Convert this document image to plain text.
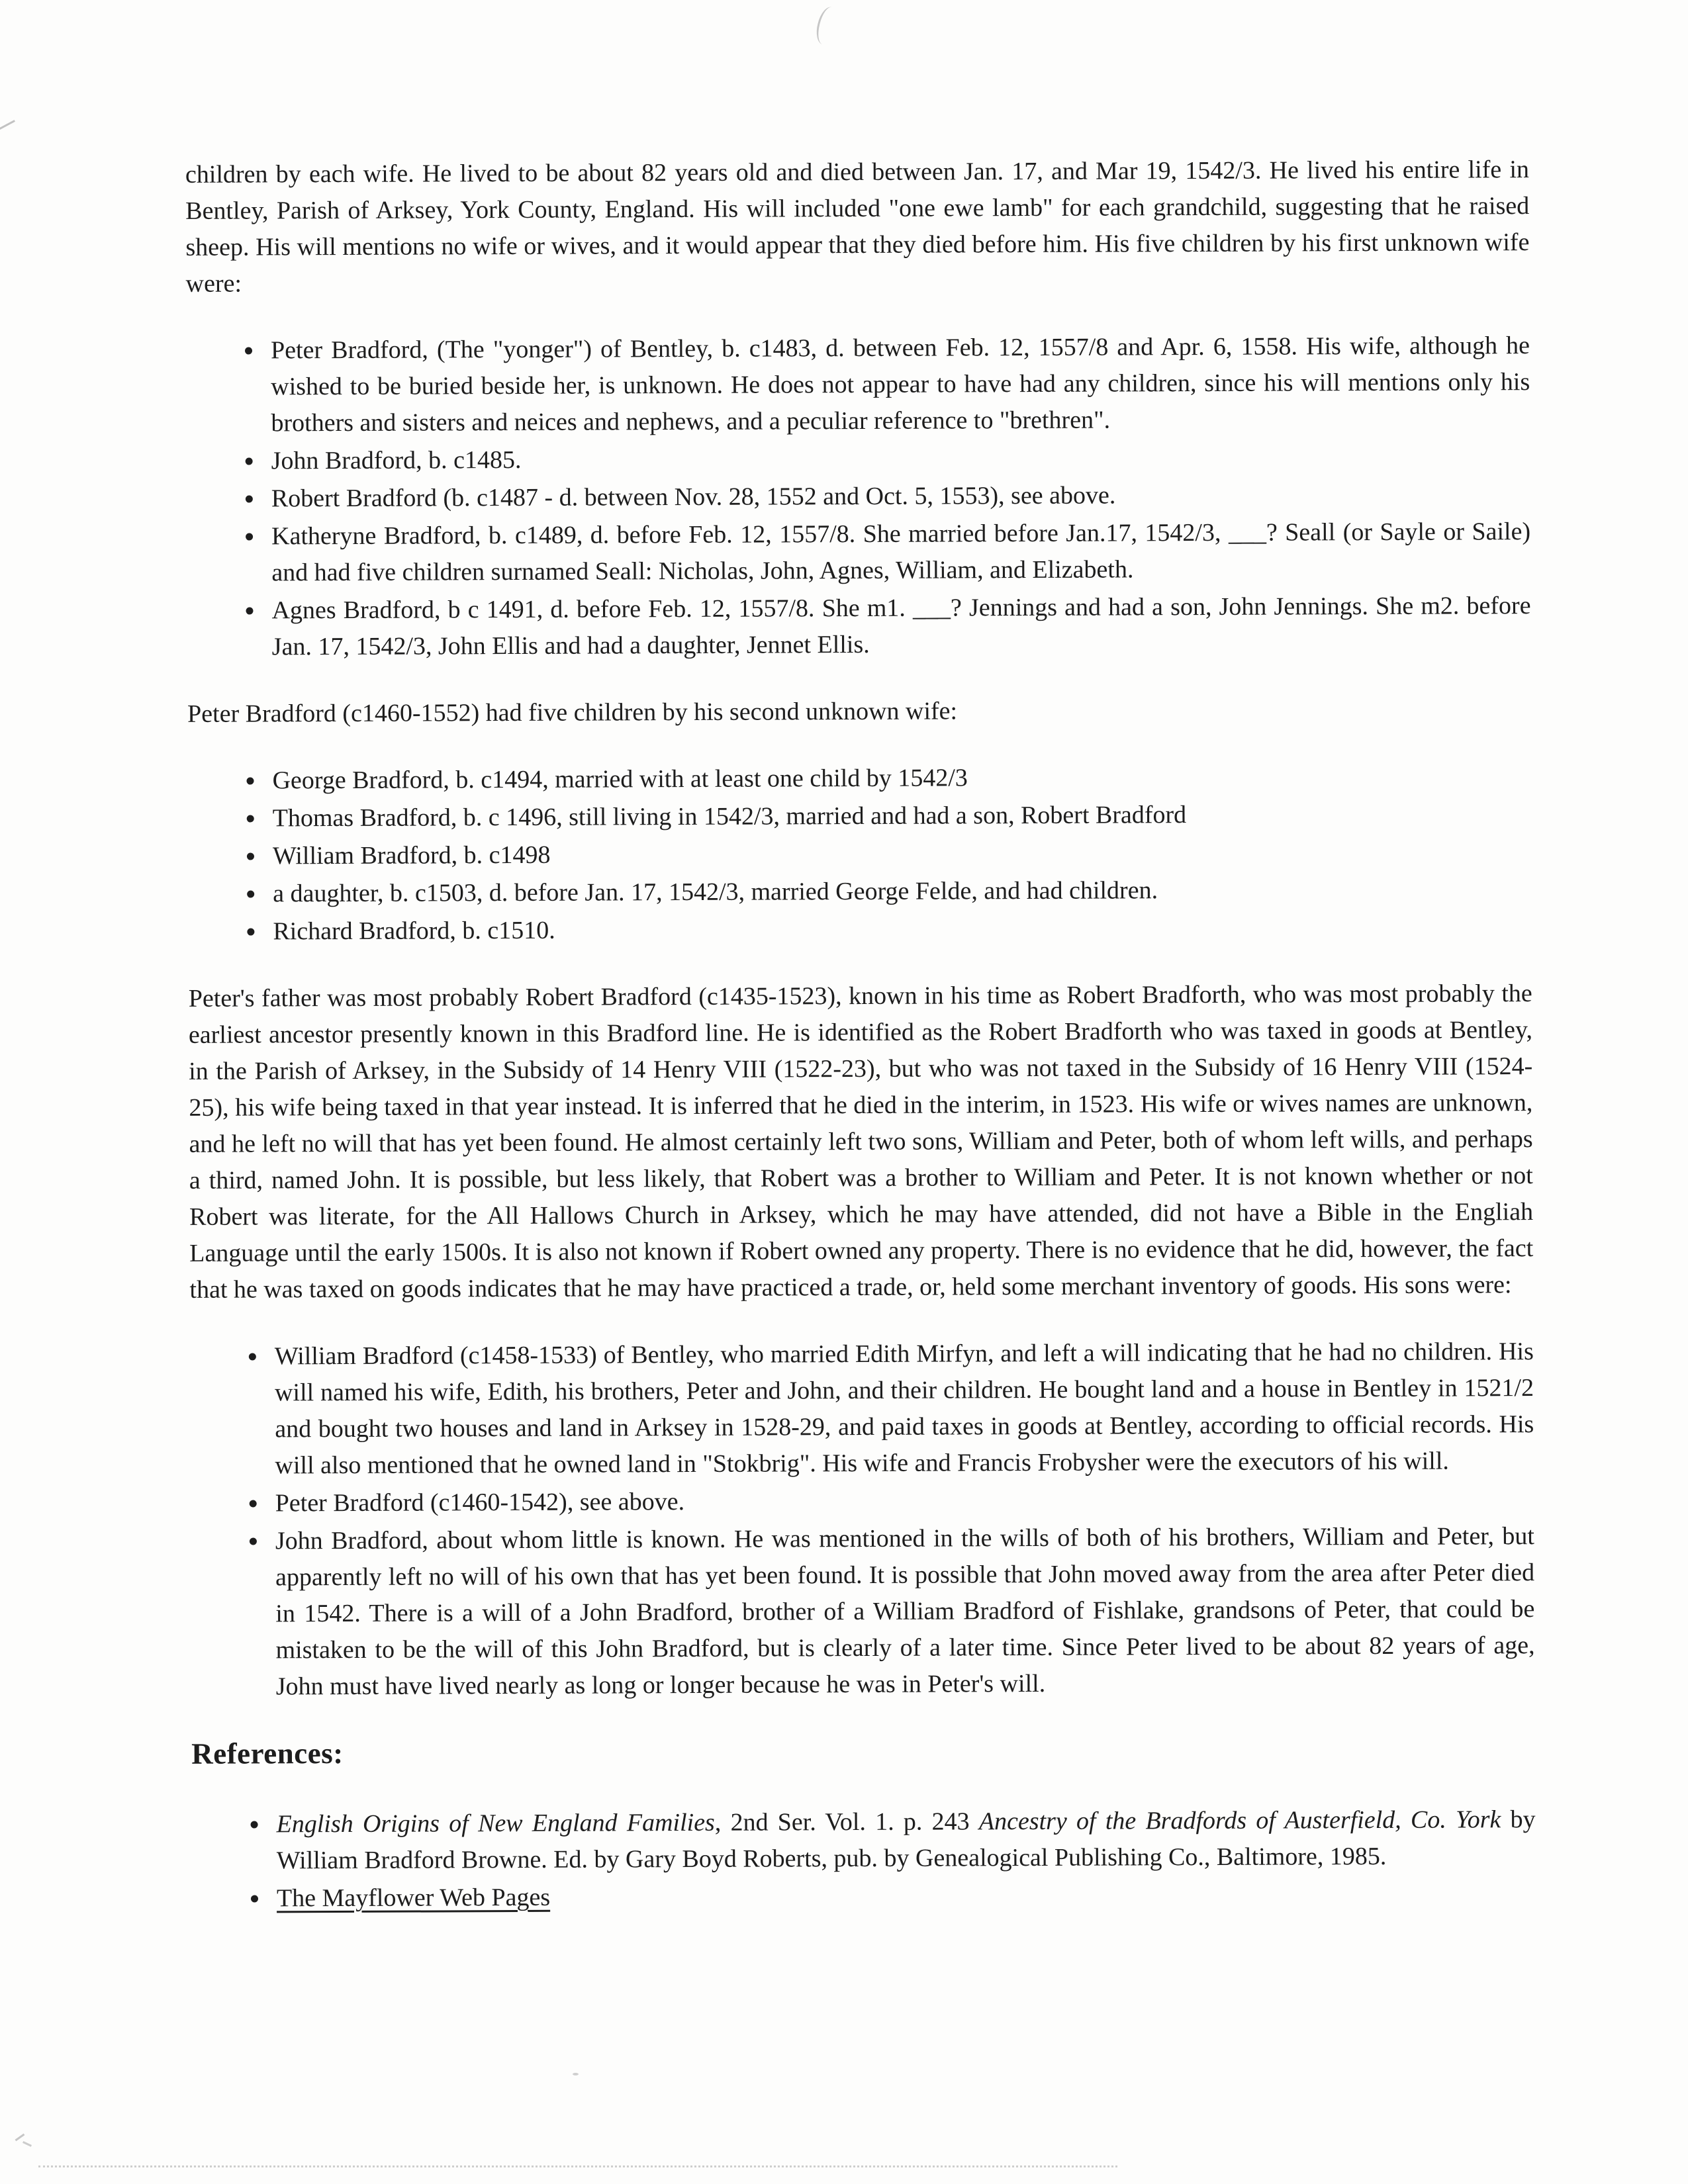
children by each wife. He lived to be about 82 years old and died between Jan. 17, and Mar 19, 1542/3. He lived his entire life in Bentley, Parish of Arksey, York County, England. His will included "one ewe lamb" for each grandchild, suggesting that he raised sheep. His will mentions no wife or wives, and it would appear that they died before him. His five children by his first unknown wife were:

• Peter Bradford, (The "yonger") of Bentley, b. c1483, d. between Feb. 12, 1557/8 and Apr. 6, 1558. His wife, although he wished to be buried beside her, is unknown. He does not appear to have had any children, since his will mentions only his brothers and sisters and neices and nephews, and a peculiar reference to "brethren".
• John Bradford, b. c1485.
• Robert Bradford (b. c1487 - d. between Nov. 28, 1552 and Oct. 5, 1553), see above.
• Katheryne Bradford, b. c1489, d. before Feb. 12, 1557/8. She married before Jan.17, 1542/3, ___? Seall (or Sayle or Saile) and had five children surnamed Seall: Nicholas, John, Agnes, William, and Elizabeth.
• Agnes Bradford, b c 1491, d. before Feb. 12, 1557/8. She m1. ___? Jennings and had a son, John Jennings. She m2. before Jan. 17, 1542/3, John Ellis and had a daughter, Jennet Ellis.

Peter Bradford (c1460-1552) had five children by his second unknown wife:

• George Bradford, b. c1494, married with at least one child by 1542/3
• Thomas Bradford, b. c 1496, still living in 1542/3, married and had a son, Robert Bradford
• William Bradford, b. c1498
• a daughter, b. c1503, d. before Jan. 17, 1542/3, married George Felde, and had children.
• Richard Bradford, b. c1510.

Peter's father was most probably Robert Bradford (c1435-1523), known in his time as Robert Bradforth, who was most probably the earliest ancestor presently known in this Bradford line. He is identified as the Robert Bradforth who was taxed in goods at Bentley, in the Parish of Arksey, in the Subsidy of 14 Henry VIII (1522-23), but who was not taxed in the Subsidy of 16 Henry VIII (1524-25), his wife being taxed in that year instead. It is inferred that he died in the interim, in 1523. His wife or wives names are unknown, and he left no will that has yet been found. He almost certainly left two sons, William and Peter, both of whom left wills, and perhaps a third, named John. It is possible, but less likely, that Robert was a brother to William and Peter. It is not known whether or not Robert was literate, for the All Hallows Church in Arksey, which he may have attended, did not have a Bible in the Engliah Language until the early 1500s. It is also not known if Robert owned any property. There is no evidence that he did, however, the fact that he was taxed on goods indicates that he may have practiced a trade, or, held some merchant inventory of goods. His sons were:

• William Bradford (c1458-1533) of Bentley, who married Edith Mirfyn, and left a will indicating that he had no children. His will named his wife, Edith, his brothers, Peter and John, and their children. He bought land and a house in Bentley in 1521/2 and bought two houses and land in Arksey in 1528-29, and paid taxes in goods at Bentley, according to official records. His will also mentioned that he owned land in "Stokbrig". His wife and Francis Frobysher were the executors of his will.
• Peter Bradford (c1460-1542), see above.
• John Bradford, about whom little is known. He was mentioned in the wills of both of his brothers, William and Peter, but apparently left no will of his own that has yet been found. It is possible that John moved away from the area after Peter died in 1542. There is a will of a John Bradford, brother of a William Bradford of Fishlake, grandsons of Peter, that could be mistaken to be the will of this John Bradford, but is clearly of a later time. Since Peter lived to be about 82 years of age, John must have lived nearly as long or longer because he was in Peter's will.
References:
• English Origins of New England Families, 2nd Ser. Vol. 1. p. 243 Ancestry of the Bradfords of Austerfield, Co. York by William Bradford Browne. Ed. by Gary Boyd Roberts, pub. by Genealogical Publishing Co., Baltimore, 1985.
• The Mayflower Web Pages
